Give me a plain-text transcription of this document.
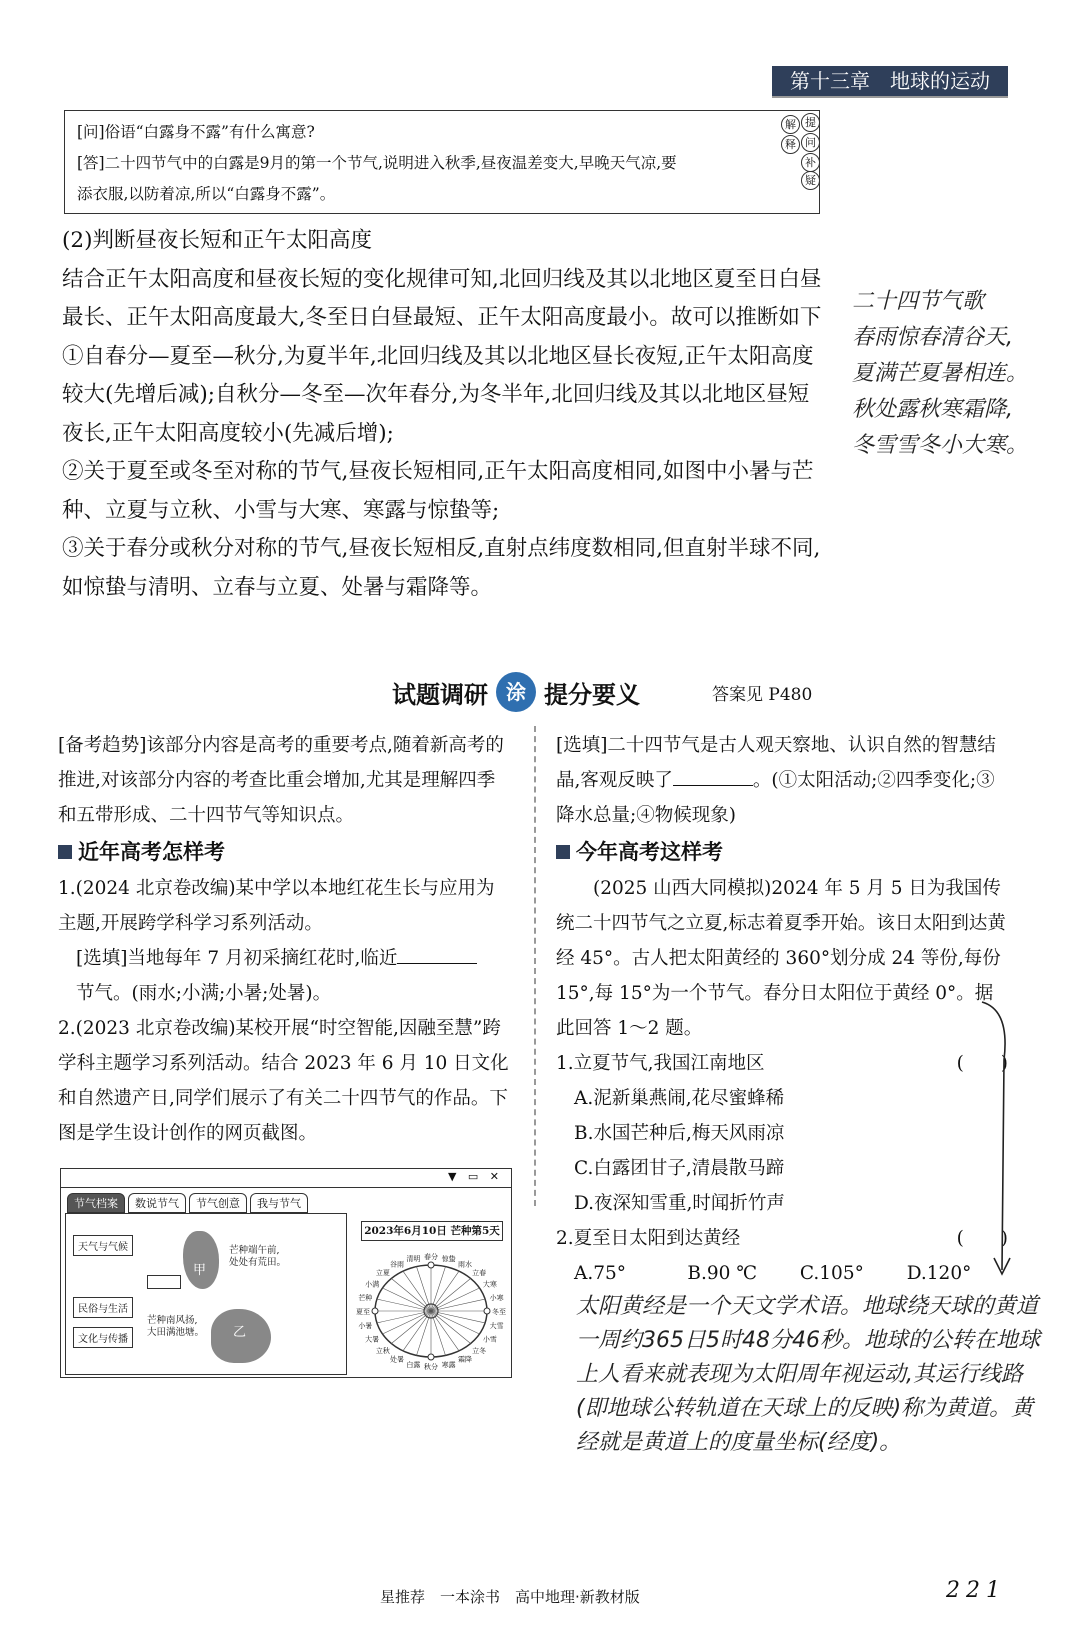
第十三章　地球的运动
[问]俗语“白露身不露”有什么寓意?
[答]二十四节气中的白露是9月的第一个节气,说明进入秋季,昼夜温差变大,早晚天气凉,要
添衣服,以防着凉,所以“白露身不露”。
解 提
问
释
补
疑

(2)判断昼夜长短和正午太阳高度

结合正午太阳高度和昼夜长短的变化规律可知,北回归线及其以北地区夏至日白昼最长、正午太阳高度最大,冬至日白昼最短、正午太阳高度最小。故可以推断如下

①自春分—夏至—秋分,为夏半年,北回归线及其以北地区昼长夜短,正午太阳高度较大(先增后减);自秋分—冬至—次年春分,为冬半年,北回归线及其以北地区昼短夜长,正午太阳高度较小(先减后增);

②关于夏至或冬至对称的节气,昼夜长短相同,正午太阳高度相同,如图中小暑与芒种、立夏与立秋、小雪与大寒、寒露与惊蛰等;

③关于春分或秋分对称的节气,昼夜长短相反,直射点纬度数相同,但直射半球不同,如惊蛰与清明、立春与立夏、处暑与霜降等。

二十四节气歌
春雨惊春清谷天,
夏满芒夏暑相连。
秋处露秋寒霜降,
冬雪雪冬小大寒。
试题调研 涂 提分要义	答案见 P480

[备考趋势]该部分内容是高考的重要考点,随着新高考的推进,对该部分内容的考查比重会增加,尤其是理解四季和五带形成、二十四节气等知识点。

近年高考怎样考

1.(2024 北京卷改编)某中学以本地红花生长与应用为主题,开展跨学科学习系列活动。

[选填]当地每年 7 月初采摘红花时,临近

节气。(雨水;小满;小暑;处暑)。

2.(2023 北京卷改编)某校开展“时空智能,因融至慧”跨学科主题学习系列活动。结合 2023 年 6 月 10 日文化和自然遗产日,同学们展示了有关二十四节气的作品。下图是学生设计创作的网页截图。

▼ ▭ ✕
节气档案	数说节气	节气创意	我与节气
天气与气候
民俗与生活
文化与传播
甲
乙
芒种端午前,处处有荒田。
芒种南风扬,大田满池塘。
2023年6月10日 芒种第5天
春分
清明
谷雨
立夏
小满
芒种
夏至
小暑
大暑
立秋
处暑
白露 秋分 寒露
霜降
立冬
小雪
大雪
冬至
小寒
大寒
立春
雨水
惊蛰

[选填]二十四节气是古人观天察地、认识自然的智慧结晶,客观反映了	。(①太阳活动;②四季变化;③降水总量;④物候现象)

今年高考这样考

(2025 山西大同模拟)2024 年 5 月 5 日为我国传统二十四节气之立夏,标志着夏季开始。该日太阳到达黄经 45°。古人把太阳黄经的 360°划分成 24 等份,每份 15°,每 15°为一个节气。春分日太阳位于黄经 0°。据此回答 1～2 题。

1.立夏节气,我国江南地区	(　　)

A.泥新巢燕闹,花尽蜜蜂稀

B.水国芒种后,梅天风雨凉

C.白露团甘子,清晨散马蹄

D.夜深知雪重,时闻折竹声

2.夏至日太阳到达黄经	(　　)

A.75°   	B.90 ℃   C.105°   D.120°

太阳黄经是一个天文学术语。地球绕天球的黄道一周约365日5时48分46秒。地球的公转在地球上人看来就表现为太阳周年视运动,其运行线路(即地球公转轨道在天球上的反映)称为黄道。黄经就是黄道上的度量坐标(经度)。
星推荐　一本涂书　高中地理·新教材版	221
